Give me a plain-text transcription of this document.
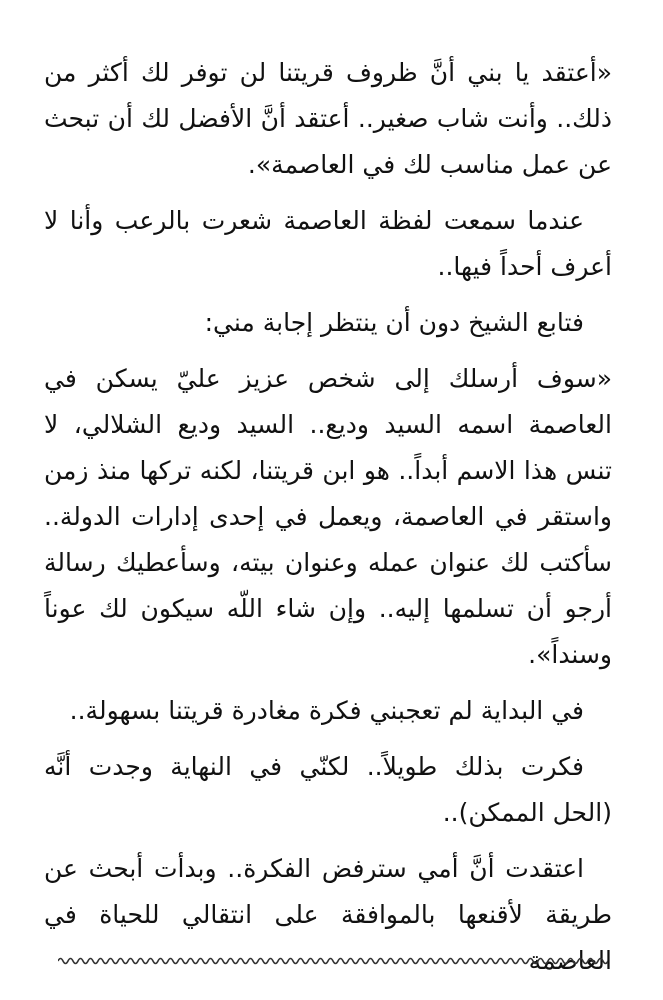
«أعتقد يا بني أنَّ ظروف قريتنا لن توفر لك أكثر من ذلك.. وأنت شاب صغير.. أعتقد أنَّ الأفضل لك أن تبحث عن عمل مناسب لك في العاصمة».

عندما سمعت لفظة العاصمة شعرت بالرعب وأنا لا أعرف أحداً فيها..

فتابع الشيخ دون أن ينتظر إجابة مني:

«سوف أرسلك إلى شخص عزيز عليّ يسكن في العاصمة اسمه السيد وديع.. السيد وديع الشلالي، لا تنس هذا الاسم أبداً.. هو ابن قريتنا، لكنه تركها منذ زمن واستقر في العاصمة، ويعمل في إحدى إدارات الدولة.. سأكتب لك عنوان عمله وعنوان بيته، وسأعطيك رسالة أرجو أن تسلمها إليه.. وإن شاء اللّه سيكون لك عوناً وسنداً».

في البداية لم تعجبني فكرة مغادرة قريتنا بسهولة..

فكرت بذلك طويلاً.. لكنّي في النهاية وجدت أنَّه (الحل الممكن)..

اعتقدت أنَّ أمي سترفض الفكرة.. وبدأت أبحث عن طريقة لأقنعها بالموافقة على انتقالي للحياة في العاصمة
